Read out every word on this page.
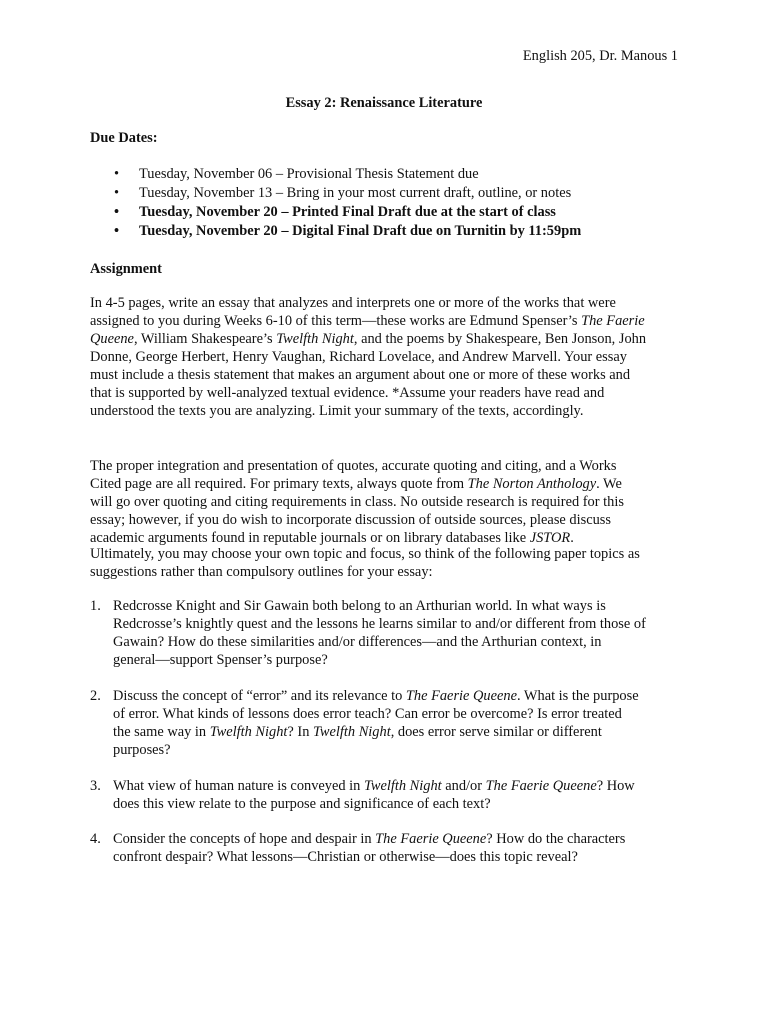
English 205, Dr. Manous 1
Essay 2: Renaissance Literature
Due Dates:
• Tuesday, November 06 – Provisional Thesis Statement due
• Tuesday, November 13 – Bring in your most current draft, outline, or notes
• Tuesday, November 20 – Printed Final Draft due at the start of class
• Tuesday, November 20 – Digital Final Draft due on Turnitin by 11:59pm
Assignment

In 4-5 pages, write an essay that analyzes and interprets one or more of the works that were
assigned to you during Weeks 6-10 of this term—these works are Edmund Spenser’s The Faerie
Queene, William Shakespeare’s Twelfth Night, and the poems by Shakespeare, Ben Jonson, John
Donne, George Herbert, Henry Vaughan, Richard Lovelace, and Andrew Marvell. Your essay
must include a thesis statement that makes an argument about one or more of these works and
that is supported by well-analyzed textual evidence. *Assume your readers have read and
understood the texts you are analyzing. Limit your summary of the texts, accordingly.

The proper integration and presentation of quotes, accurate quoting and citing, and a Works
Cited page are all required. For primary texts, always quote from The Norton Anthology. We
will go over quoting and citing requirements in class. No outside research is required for this
essay; however, if you do wish to incorporate discussion of outside sources, please discuss
academic arguments found in reputable journals or on library databases like JSTOR.

Ultimately, you may choose your own topic and focus, so think of the following paper topics as
suggestions rather than compulsory outlines for your essay:

1. Redcrosse Knight and Sir Gawain both belong to an Arthurian world. In what ways is
Redcrosse’s knightly quest and the lessons he learns similar to and/or different from those of
Gawain? How do these similarities and/or differences—and the Arthurian context, in
general—support Spenser’s purpose?
2. Discuss the concept of “error” and its relevance to The Faerie Queene. What is the purpose
of error. What kinds of lessons does error teach? Can error be overcome? Is error treated
the same way in Twelfth Night? In Twelfth Night, does error serve similar or different
purposes?
3. What view of human nature is conveyed in Twelfth Night and/or The Faerie Queene? How
does this view relate to the purpose and significance of each text?
4. Consider the concepts of hope and despair in The Faerie Queene? How do the characters
confront despair? What lessons—Christian or otherwise—does this topic reveal?
